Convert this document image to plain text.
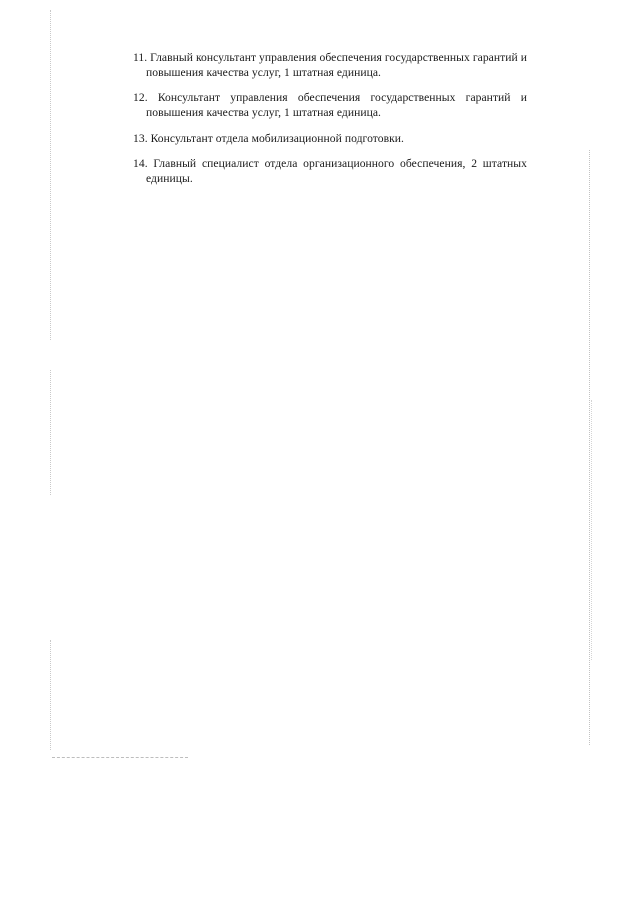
11. Главный консультант управления обеспечения государственных гарантий и повышения качества услуг, 1 штатная единица.
12. Консультант управления обеспечения государственных гарантий и повышения качества услуг, 1 штатная единица.
13. Консультант отдела мобилизационной подготовки.
14. Главный специалист отдела организационного обеспечения, 2 штатных единицы.
